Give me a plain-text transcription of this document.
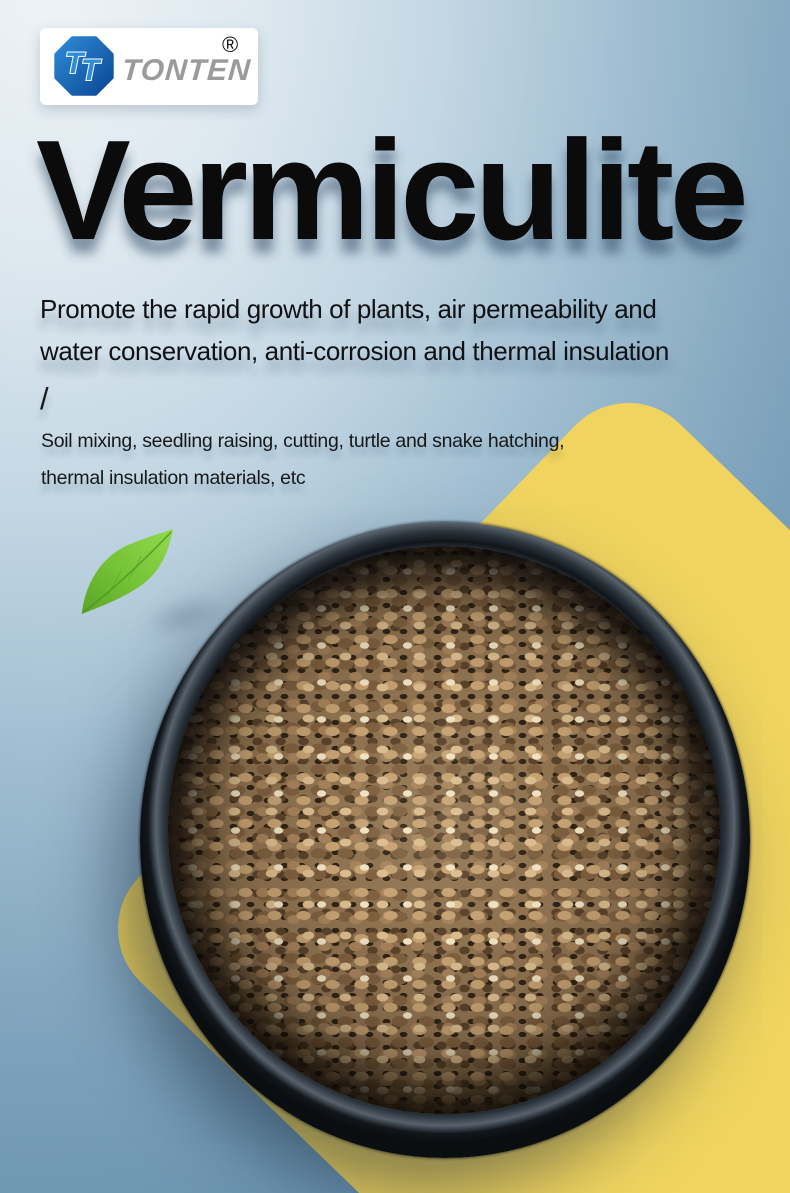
T T TONTEN
®
Vermiculite
Promote the rapid growth of plants, air permeability and
water conservation, anti-corrosion and thermal insulation
/
Soil mixing, seedling raising, cutting, turtle and snake hatching,
thermal insulation materials, etc
